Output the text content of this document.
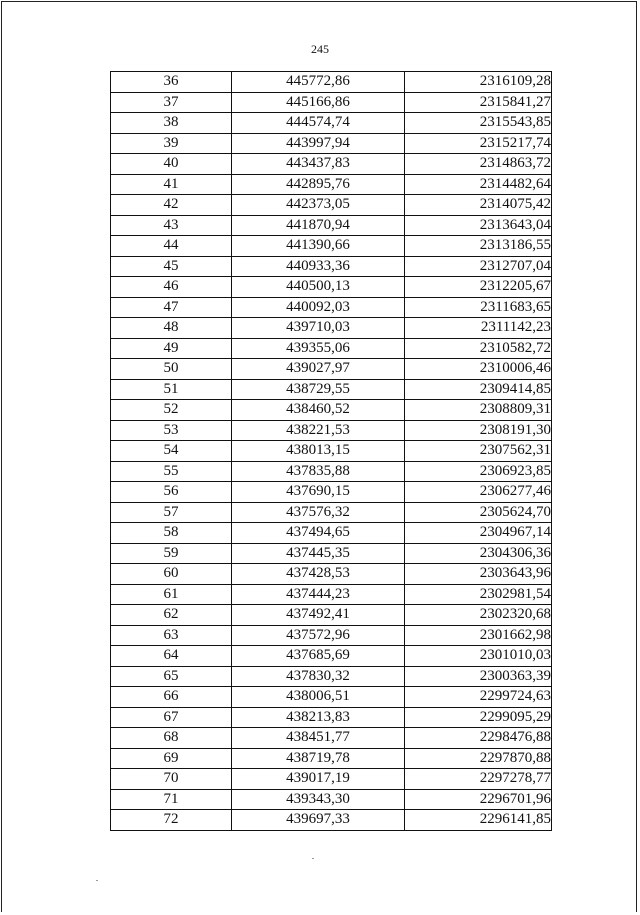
245
36	445772,86	2316109,28
37	445166,86	2315841,27
38	444574,74	2315543,85
39	443997,94	2315217,74
40	443437,83	2314863,72
41	442895,76	2314482,64
42	442373,05	2314075,42
43	441870,94	2313643,04
44	441390,66	2313186,55
45	440933,36	2312707,04
46	440500,13	2312205,67
47	440092,03	2311683,65
48	439710,03	2311142,23
49	439355,06	2310582,72
50	439027,97	2310006,46
51	438729,55	2309414,85
52	438460,52	2308809,31
53	438221,53	2308191,30
54	438013,15	2307562,31
55	437835,88	2306923,85
56	437690,15	2306277,46
57	437576,32	2305624,70
58	437494,65	2304967,14
59	437445,35	2304306,36
60	437428,53	2303643,96
61	437444,23	2302981,54
62	437492,41	2302320,68
63	437572,96	2301662,98
64	437685,69	2301010,03
65	437830,32	2300363,39
66	438006,51	2299724,63
67	438213,83	2299095,29
68	438451,77	2298476,88
69	438719,78	2297870,88
70	439017,19	2297278,77
71	439343,30	2296701,96
72	439697,33	2296141,85
